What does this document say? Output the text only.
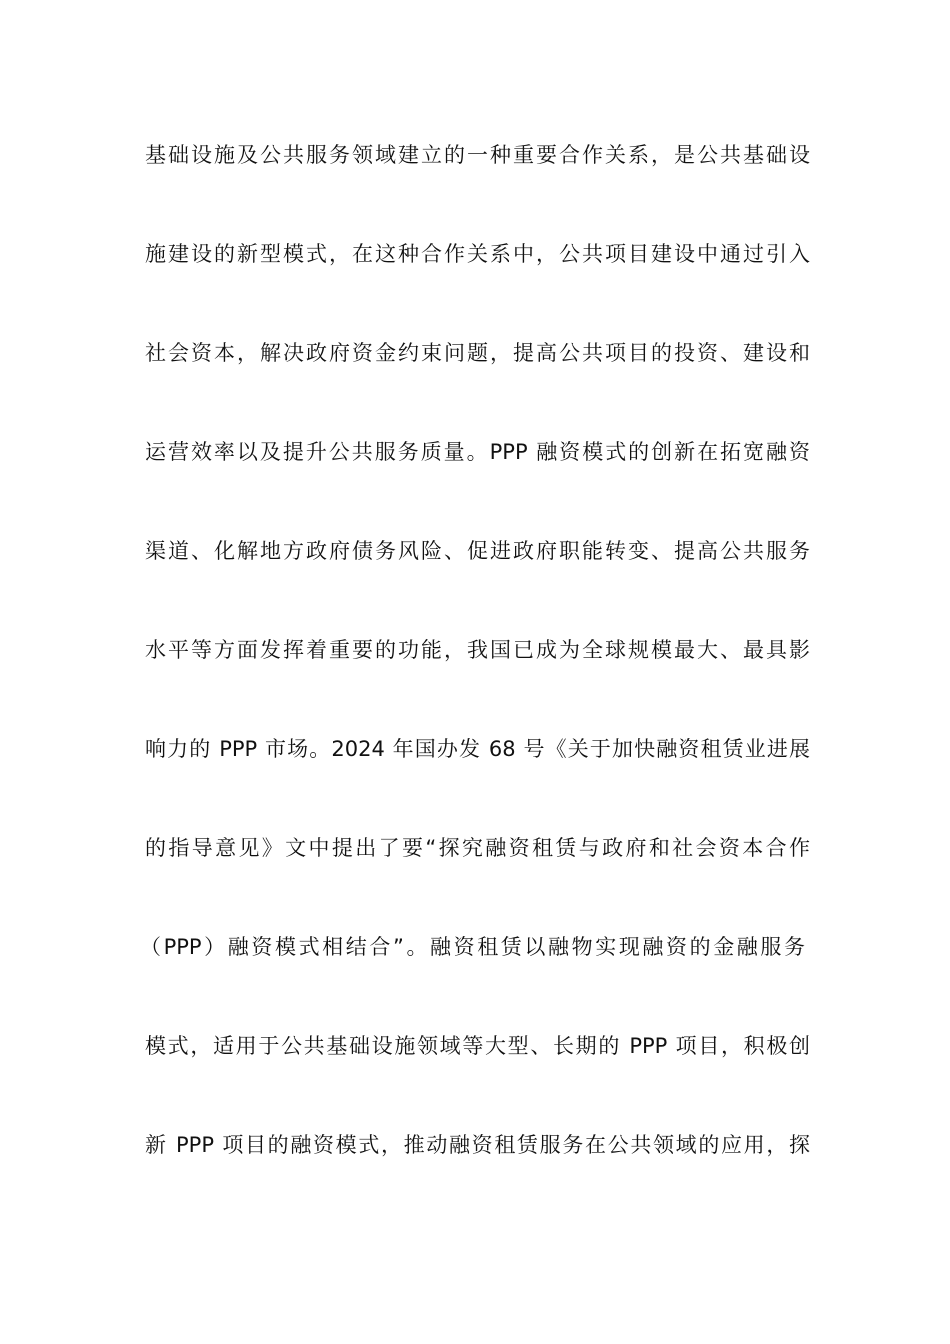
基础设施及公共服务领域建立的一种重要合作关系，是公共基础设
施建设的新型模式，在这种合作关系中，公共项目建设中通过引入
社会资本，解决政府资金约束问题，提高公共项目的投资、建设和
运营效率以及提升公共服务质量。PPP 融资模式的创新在拓宽融资
渠道、化解地方政府债务风险、促进政府职能转变、提高公共服务
水平等方面发挥着重要的功能，我国已成为全球规模最大、最具影
响力的 PPP 市场。2024 年国办发 68 号《关于加快融资租赁业进展
的指导意见》文中提出了要“探究融资租赁与政府和社会资本合作
（PPP）融资模式相结合”。融资租赁以融物实现融资的金融服务
模式，适用于公共基础设施领域等大型、长期的 PPP 项目，积极创
新 PPP 项目的融资模式，推动融资租赁服务在公共领域的应用，探
